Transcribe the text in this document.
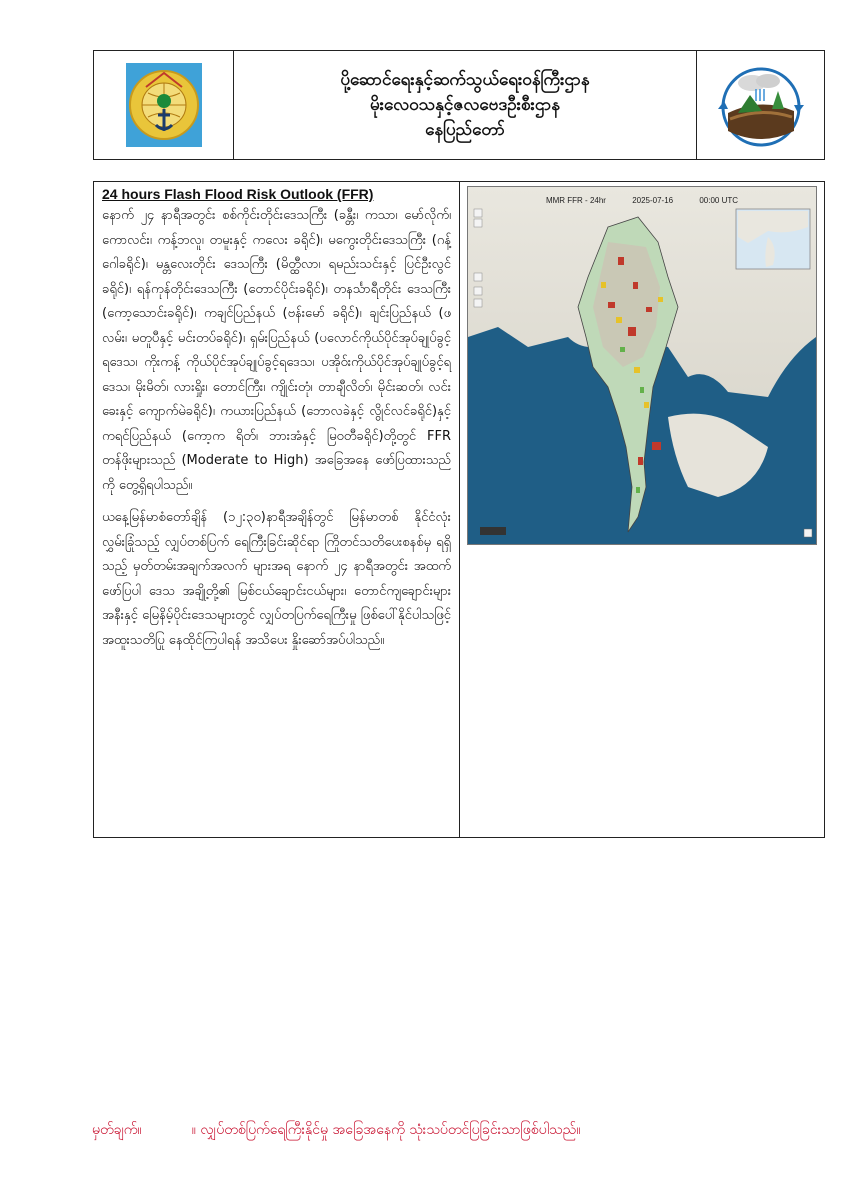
ပို့ဆောင်ရေးနှင့်ဆက်သွယ်ရေးဝန်ကြီးဌာန
မိုးလေဝသနှင့်ဇလဗေဒဦးစီးဌာန
နေပြည်တော်
24 hours Flash Flood Risk Outlook (FFR)

နောက် ၂၄ နာရီအတွင်း စစ်ကိုင်းတိုင်းဒေသကြီး (ခန္တီး၊ ကသာ၊ မော်လိုက်၊ ကောလင်း၊ ကန့်ဘလူ၊ တမူးနှင့် ကလေး ခရိုင်)၊ မကွေးတိုင်းဒေသကြီး (ဂန့်ဂေါခရိုင်)၊ မန္တလေးတိုင်း ဒေသကြီး (မိတ္ထီလာ၊ ရမည်းသင်းနှင့် ပြင်ဦးလွင်ခရိုင်)၊ ရန်ကုန်တိုင်းဒေသကြီး (တောင်ပိုင်းခရိုင်)၊ တနင်္သာရီတိုင်း ဒေသကြီး (ကော့သောင်းခရိုင်)၊ ကချင်ပြည်နယ် (ဗန်းမော် ခရိုင်)၊ ချင်းပြည်နယ် (ဖလမ်း၊ မတူပီနှင့် မင်းတပ်ခရိုင်)၊ ရှမ်းပြည်နယ် (ပလောင်ကိုယ်ပိုင်အုပ်ချုပ်ခွင့်ရဒေသ၊ ကိုးကန့် ကိုယ်ပိုင်အုပ်ချုပ်ခွင့်ရဒေသ၊ ပအိုဝ်းကိုယ်ပိုင်အုပ်ချုပ်ခွင့်ရ ဒေသ၊ မိုးမိတ်၊ လားရှိုး၊ တောင်ကြီး၊ ကျိုင်းတုံ၊ တာချီလိတ်၊ မိုင်းဆတ်၊ လင်းခေးနှင့် ကျောက်မဲခရိုင်)၊ ကယားပြည်နယ် (ဘောလခဲနှင့် လွိုင်လင်ခရိုင်)နှင့် ကရင်ပြည်နယ် (ကော့က ရိတ်၊ ဘားအံနှင့် မြဝတီခရိုင်)တို့တွင် FFR တန်ဖိုးများသည် (Moderate to High) အခြေအနေ ဖော်ပြထားသည်ကို တွေ့ရှိရပါသည်။

ယနေ့မြန်မာစံတော်ချိန် (၁၂:၃၀)နာရီအချိန်တွင် မြန်မာတစ် နိုင်ငံလုံး လွှမ်းခြုံသည့် လျှပ်တစ်ပြက် ရေကြီးခြင်းဆိုင်ရာ ကြိုတင်သတိပေးစနစ်မှ ရရှိသည့် မှတ်တမ်းအချက်အလက် များအရ နောက် ၂၄ နာရီအတွင်း အထက်ဖော်ပြပါ ဒေသ အချို့တို့၏ မြစ်ငယ်ချောင်းငယ်များ၊ တောင်ကျချောင်းများ အနီးနှင့် မြေနိမ့်ပိုင်းဒေသများတွင် လျှပ်တပြက်ရေကြီးမှု ဖြစ်ပေါ်နိုင်ပါသဖြင့် အထူးသတိပြု နေထိုင်ကြပါရန် အသိပေး နှိုးဆော်အပ်ပါသည်။

MMR FFR - 24hr	2025-07-16	00:00 UTC
မှတ်ချက်။	။ လျှပ်တစ်ပြက်ရေကြီးနိုင်မှု အခြေအနေကို သုံးသပ်တင်ပြခြင်းသာဖြစ်ပါသည်။
